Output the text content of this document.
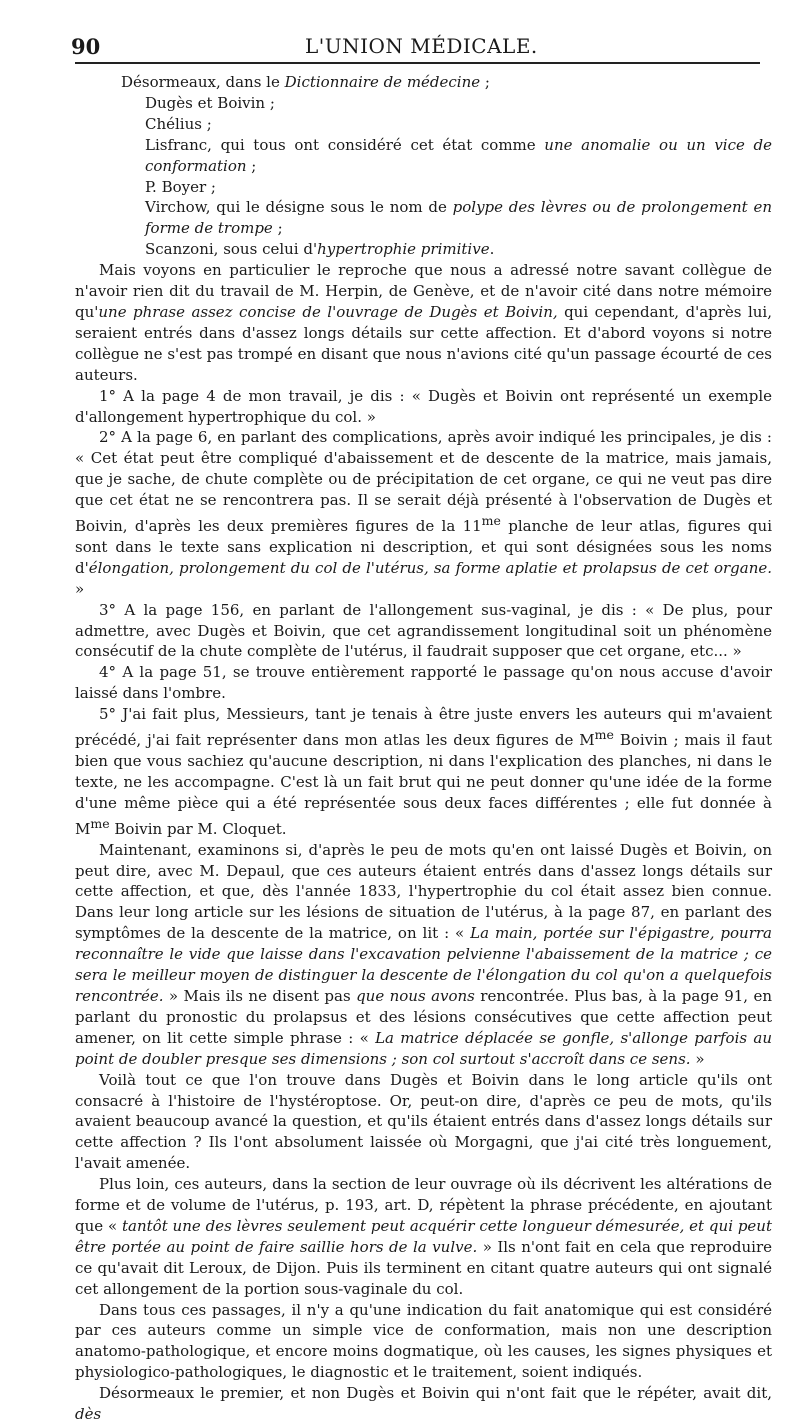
90	L'UNION MÉDICALE.
Désormeaux, dans le Dictionnaire de médecine ;
Dugès et Boivin ;
Chélius ;
Lisfranc, qui tous ont considéré cet état comme une anomalie ou un vice de conformation ;
P. Boyer ;
Virchow, qui le désigne sous le nom de polype des lèvres ou de prolongement en forme de trompe ;
Scanzoni, sous celui d'hypertrophie primitive.

Mais voyons en particulier le reproche que nous a adressé notre savant collègue de n'avoir rien dit du travail de M. Herpin, de Genève, et de n'avoir cité dans notre mémoire qu'une phrase assez concise de l'ouvrage de Dugès et Boivin, qui cependant, d'après lui, seraient entrés dans d'assez longs détails sur cette affection. Et d'abord voyons si notre collègue ne s'est pas trompé en disant que nous n'avions cité qu'un passage écourté de ces auteurs.

1° A la page 4 de mon travail, je dis : « Dugès et Boivin ont représenté un exemple d'allongement hypertrophique du col. »

2° A la page 6, en parlant des complications, après avoir indiqué les principales, je dis : « Cet état peut être compliqué d'abaissement et de descente de la matrice, mais jamais, que je sache, de chute complète ou de précipitation de cet organe, ce qui ne veut pas dire que cet état ne se rencontrera pas. Il se serait déjà présenté à l'observation de Dugès et Boivin, d'après les deux premières figures de la $11^{me}$ planche de leur atlas, figures qui sont dans le texte sans explication ni description, et qui sont désignées sous les noms d'élongation, prolongement du col de l'utérus, sa forme aplatie et prolapsus de cet organe. »

3° A la page 156, en parlant de l'allongement sus-vaginal, je dis : « De plus, pour admettre, avec Dugès et Boivin, que cet agrandissement longitudinal soit un phénomène consécutif de la chute complète de l'utérus, il faudrait supposer que cet organe, etc... »

4° A la page 51, se trouve entièrement rapporté le passage qu'on nous accuse d'avoir laissé dans l'ombre.

5° J'ai fait plus, Messieurs, tant je tenais à être juste envers les auteurs qui m'avaient précédé, j'ai fait représenter dans mon atlas les deux figures de $M^{me}$ Boivin ; mais il faut bien que vous sachiez qu'aucune description, ni dans l'explication des planches, ni dans le texte, ne les accompagne. C'est là un fait brut qui ne peut donner qu'une idée de la forme d'une même pièce qui a été représentée sous deux faces différentes ; elle fut donnée à $M^{me}$ Boivin par M. Cloquet.

Maintenant, examinons si, d'après le peu de mots qu'en ont laissé Dugès et Boivin, on peut dire, avec M. Depaul, que ces auteurs étaient entrés dans d'assez longs détails sur cette affection, et que, dès l'année 1833, l'hypertrophie du col était assez bien connue. Dans leur long article sur les lésions de situation de l'utérus, à la page 87, en parlant des symptômes de la descente de la matrice, on lit : « La main, portée sur l'épigastre, pourra reconnaître le vide que laisse dans l'excavation pelvienne l'abaissement de la matrice ; ce sera le meilleur moyen de distinguer la descente de l'élongation du col qu'on a quelquefois rencontrée. » Mais ils ne disent pas que nous avons rencontrée. Plus bas, à la page 91, en parlant du pronostic du prolapsus et des lésions consécutives que cette affection peut amener, on lit cette simple phrase : « La matrice déplacée se gonfle, s'allonge parfois au point de doubler presque ses dimensions ; son col surtout s'accroît dans ce sens. »

Voilà tout ce que l'on trouve dans Dugès et Boivin dans le long article qu'ils ont consacré à l'histoire de l'hystéroptose. Or, peut-on dire, d'après ce peu de mots, qu'ils avaient beaucoup avancé la question, et qu'ils étaient entrés dans d'assez longs détails sur cette affection ? Ils l'ont absolument laissée où Morgagni, que j'ai cité très longuement, l'avait amenée.

Plus loin, ces auteurs, dans la section de leur ouvrage où ils décrivent les altérations de forme et de volume de l'utérus, p. 193, art. D, répètent la phrase précédente, en ajoutant que « tantôt une des lèvres seulement peut acquérir cette longueur démesurée, et qui peut être portée au point de faire saillie hors de la vulve. » Ils n'ont fait en cela que reproduire ce qu'avait dit Leroux, de Dijon. Puis ils terminent en citant quatre auteurs qui ont signalé cet allongement de la portion sous-vaginale du col.

Dans tous ces passages, il n'y a qu'une indication du fait anatomique qui est considéré par ces auteurs comme un simple vice de conformation, mais non une description anatomo-pathologique, et encore moins dogmatique, où les causes, les signes physiques et physiologico-pathologiques, le diagnostic et le traitement, soient indiqués.

Désormeaux le premier, et non Dugès et Boivin qui n'ont fait que le répéter, avait dit, dès
